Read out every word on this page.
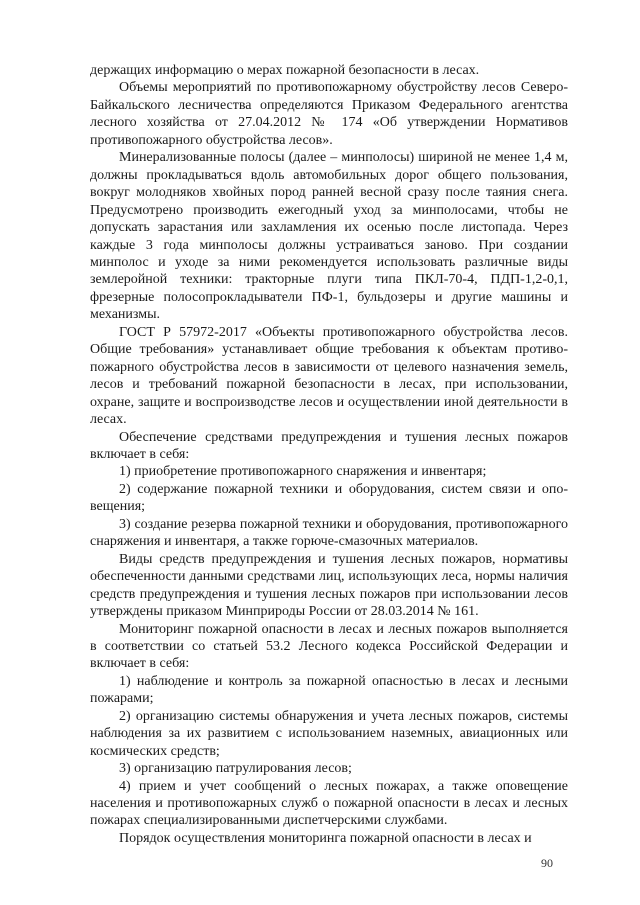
держащих информацию о мерах пожарной безопасности в лесах.

Объемы мероприятий по противопожарному обустройству лесов Северо-Байкальского лесничества определяются Приказом Федерального агентства лесного хозяйства от 27.04.2012 № 174 «Об утверждении Нормативов противопожарного обустройства лесов».

Минерализованные полосы (далее – минполосы) шириной не менее 1,4 м, должны прокладываться вдоль автомобильных дорог общего пользования, вокруг молодняков хвойных пород ранней весной сразу после таяния снега. Предусмотрено производить ежегодный уход за минполосами, чтобы не допускать зарастания или захламления их осенью после листопада. Через каждые 3 года минполосы должны устраиваться заново. При создании минполос и уходе за ними рекомендуется использовать различные виды землеройной техники: тракторные плуги типа ПКЛ-70-4, ПДП-1,2-0,1, фрезерные полосопрокладыватели ПФ-1, бульдозеры и другие машины и механизмы.

ГОСТ Р 57972-2017 «Объекты противопожарного обустройства лесов. Общие требования» устанавливает общие требования к объектам противопожарного обустройства лесов в зависимости от целевого назначения земель, лесов и требований пожарной безопасности в лесах, при использовании, охране, защите и воспроизводстве лесов и осуществлении иной деятельности в лесах.

Обеспечение средствами предупреждения и тушения лесных пожаров включает в себя:

1) приобретение противопожарного снаряжения и инвентаря;

2) содержание пожарной техники и оборудования, систем связи и оповещения;

3) создание резерва пожарной техники и оборудования, противопожарного снаряжения и инвентаря, а также горюче-смазочных материалов.

Виды средств предупреждения и тушения лесных пожаров, нормативы обеспеченности данными средствами лиц, использующих леса, нормы наличия средств предупреждения и тушения лесных пожаров при использовании лесов утверждены приказом Минприроды России от 28.03.2014 № 161.

Мониторинг пожарной опасности в лесах и лесных пожаров выполняется в соответствии со статьей 53.2 Лесного кодекса Российской Федерации и включает в себя:

1) наблюдение и контроль за пожарной опасностью в лесах и лесными пожарами;

2) организацию системы обнаружения и учета лесных пожаров, системы наблюдения за их развитием с использованием наземных, авиационных или космических средств;

3) организацию патрулирования лесов;

4) прием и учет сообщений о лесных пожарах, а также оповещение населения и противопожарных служб о пожарной опасности в лесах и лесных пожарах специализированными диспетчерскими службами.

Порядок осуществления мониторинга пожарной опасности в лесах и

90
